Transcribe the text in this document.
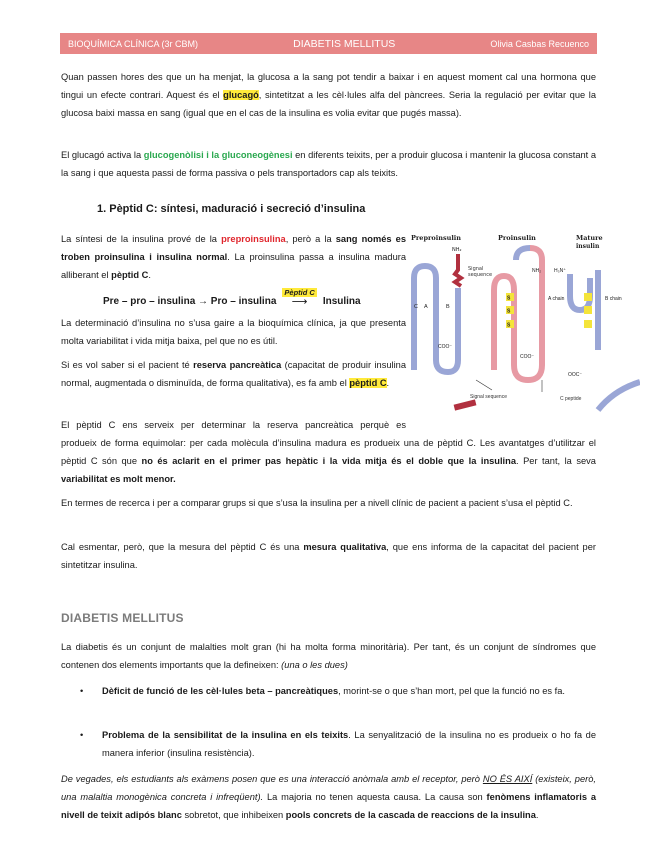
BIOQUÍMICA CLÍNICA (3r CBM)	DIABETIS MELLITUS	Olivia Casbas Recuenco

Quan passen hores des que un ha menjat, la glucosa a la sang pot tendir a baixar i en aquest moment cal una hormona que tingui un efecte contrari. Aquest és el glucagó, sintetitzat a les cèl·lules alfa del pàncrees. Seria la regulació per evitar que la glucosa baixi massa en sang (igual que en el cas de la insulina es volia evitar que pugés massa).

El glucagó activa la glucogenòlisi i la gluconeogènesi en diferents teixits, per a produir glucosa i mantenir la glucosa constant a la sang i que aquesta passi de forma passiva o pels transportadors cap als teixits.

1. Pèptid C: síntesi, maduració i secreció d’insulina

La síntesi de la insulina prové de la preproinsulina, però a la sang només es troben proinsulina i insulina normal. La proinsulina passa a insulina madura alliberant el pèptid C.

Pre – pro – insulina → Pro – insulina
Pèptid C
⟶ Insulina

La determinació d’insulina no s’usa gaire a la bioquímica clínica, ja que presenta molta variabilitat i vida mitja baixa, pel que no es útil.

Si es vol saber si el pacient té reserva pancreàtica (capacitat de produir insulina normal, augmentada o disminuïda, de forma qualitativa), es fa amb el pèptid C.

El pèptid C ens serveix per determinar la reserva pancreàtica perquè es

produeix de forma equimolar: per cada molècula d’insulina madura es produeix una de pèptid C. Les avantatges d’utilitzar el pèptid C són que no és aclarit en el primer pas hepàtic i la vida mitja és el doble que la insulina. Per tant, la seva variabilitat es molt menor.

En termes de recerca i per a comparar grups si que s’usa la insulina per a nivell clínic de pacient a pacient s’usa el pèptid C.

Cal esmentar, però, que la mesura del pèptid C és una mesura qualitativa, que ens informa de la capacitat del pacient per sintetitzar insulina.

Preproinsulin
NH₂
Signal
sequence
C A	B
COO⁻
Proinsulin
S
S
S
NH₂
COO⁻
Mature
insulin
H₃N⁺
A chain	B chain
OOC⁻
Signal sequence	C peptide
DIABETIS MELLITUS

La diabetis és un conjunt de malalties molt gran (hi ha molta forma minoritària). Per tant, és un conjunt de síndromes que contenen dos elements importants que la defineixen: (una o les dues)

• Dèficit de funció de les cèl·lules beta – pancreàtiques, morint-se o que s’han mort, pel que la funció no es fa.
• Problema de la sensibilitat de la insulina en els teixits. La senyalització de la insulina no es produeix o ho fa de manera inferior (insulina resistència).

De vegades, els estudiants als exàmens posen que es una interacció anòmala amb el receptor, però NO ÉS AIXÍ (existeix, però, una malaltia monogènica concreta i infreqüent). La majoria no tenen aquesta causa. La causa son fenòmens inflamatoris a nivell de teixit adipós blanc sobretot, que inhibeixen pools concrets de la cascada de reaccions de la insulina.
